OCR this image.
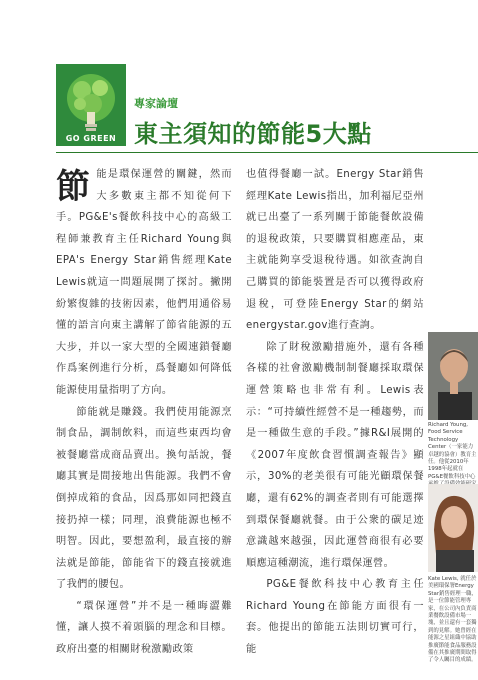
GO GREEN
專家論壇
東主須知的節能5大點

節能是環保運營的關鍵，然而大多數東主都不知從何下手。PG&E's餐飲科技中心的高級工程師兼教育主任Richard Young與EPA's Energy Star銷售經理Kate Lewis就這一問題展開了探討。撇開紛繁復雜的技術因素，他們用通俗易懂的語言向東主講解了節省能源的五大步，并以一家大型的全國連鎖餐廳作爲案例進行分析，爲餐廳如何降低能源使用量指明了方向。

節能就是賺錢。我們使用能源烹制食品，調制飲料，而這些東西均會被餐廳當成商品賣出。換句話說，餐廳其實是間接地出售能源。我們不會倒掉成箱的食品，因爲那如同把錢直接扔掉一樣；同理，浪費能源也極不明智。因此，要想盈利，最直接的辦法就是節能，節能省下的錢直接就進了我們的腰包。

“環保運營”并不是一種晦澀難懂，讓人摸不着頭腦的理念和目標。政府出臺的相關財稅激勵政策

也值得餐廳一試。Energy Star銷售經理Kate Lewis指出，加利福尼亞州就已出臺了一系列關于節能餐飲設備的退稅政策，只要購買相應產品，東主就能夠享受退稅待遇。如欲查詢自己購買的節能裝置是否可以獲得政府退稅，可登陸Energy Star的網站energystar.gov進行查詢。

除了財稅激勵措施外，還有各種各樣的社會激勵機制制餐廳採取環保運營策略也非常有利。Lewis表示：“可持續性經營不是一種趨勢，而是一種做生意的手段。”據R&I展開的《2007年度飲食習慣調查報告》顯示，30%的老美很有可能光顧環保餐廳，還有62%的調查者則有可能選擇到環保餐廳就餐。由于公衆的碳足迹意識越來越强，因此運營商很有必要順應這種潮流，進行環保運營。

PG&E餐飲科技中心教育主任Richard Young在節能方面很有一套。他提出的節能五法則切實可行，能

Richard Young, Food Service Technology Center（一家能力卓越的協會）教育主任。他從2010年1998年起就在PG&E餐飲科技中心
Kate Lewis, 就任於美國環保署Energy Star銷售經理一職，是一位節能管理專家，在公司內負責商業餐飲設備市場一塊，並且還有一套獨到的見解。她曾經在能源之星組織中協助推廣節能食品服務設備在其推廣期間取得了令人矚目的成績。
